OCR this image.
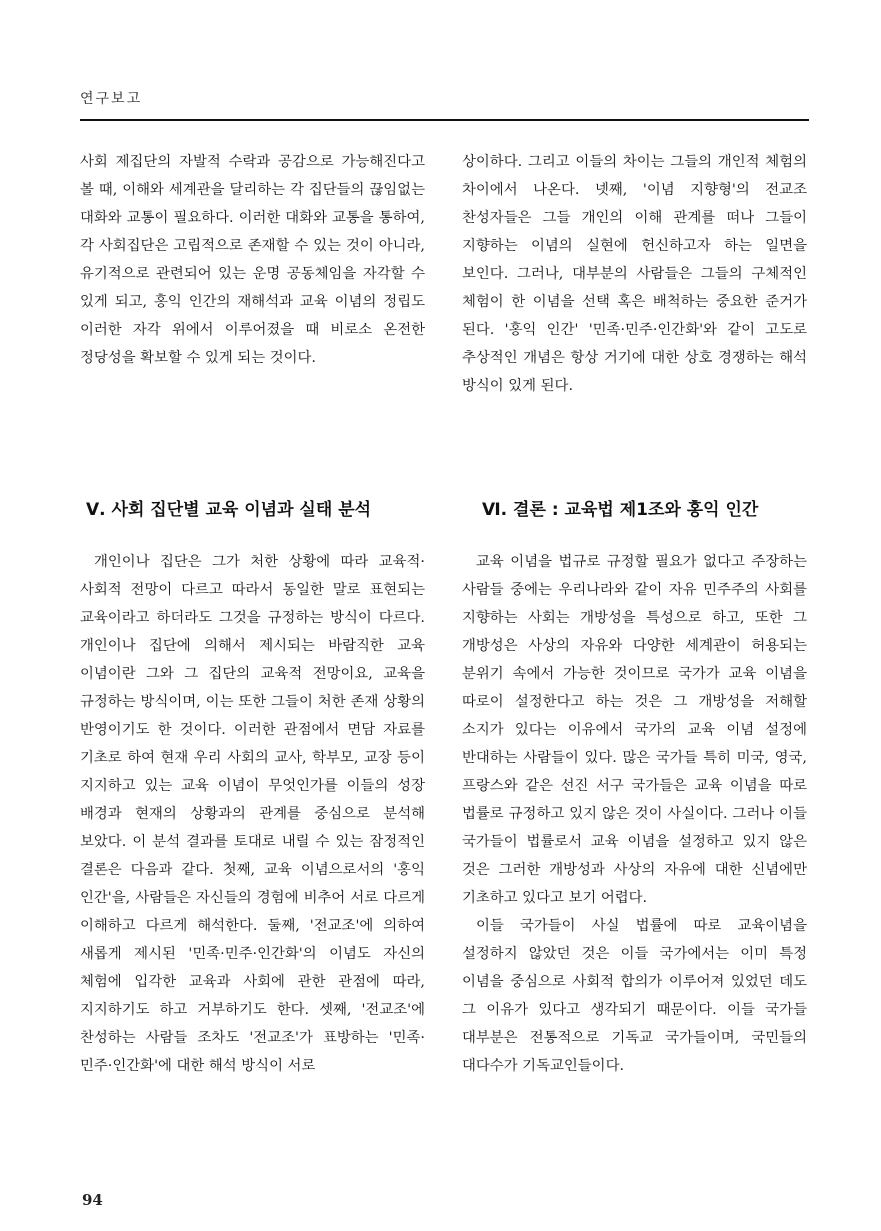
연구보고

사회 제집단의 자발적 수락과 공감으로 가능해진다고 볼 때, 이해와 세계관을 달리하는 각 집단들의 끊임없는 대화와 교통이 필요하다. 이러한 대화와 교통을 통하여, 각 사회집단은 고립적으로 존재할 수 있는 것이 아니라, 유기적으로 관련되어 있는 운명 공동체임을 자각할 수 있게 되고, 홍익 인간의 재해석과 교육 이념의 정립도 이러한 자각 위에서 이루어졌을 때 비로소 온전한 정당성을 확보할 수 있게 되는 것이다.

Ⅴ. 사회 집단별 교육 이념과 실태 분석

개인이나 집단은 그가 처한 상황에 따라 교육적·사회적 전망이 다르고 따라서 동일한 말로 표현되는 교육이라고 하더라도 그것을 규정하는 방식이 다르다. 개인이나 집단에 의해서 제시되는 바람직한 교육 이념이란 그와 그 집단의 교육적 전망이요, 교육을 규정하는 방식이며, 이는 또한 그들이 처한 존재 상황의 반영이기도 한 것이다. 이러한 관점에서 면담 자료를 기초로 하여 현재 우리 사회의 교사, 학부모, 교장 등이 지지하고 있는 교육 이념이 무엇인가를 이들의 성장 배경과 현재의 상황과의 관계를 중심으로 분석해 보았다. 이 분석 결과를 토대로 내릴 수 있는 잠정적인 결론은 다음과 같다. 첫째, 교육 이념으로서의 '홍익 인간'을, 사람들은 자신들의 경험에 비추어 서로 다르게 이해하고 다르게 해석한다. 둘째, '전교조'에 의하여 새롭게 제시된 '민족·민주·인간화'의 이념도 자신의 체험에 입각한 교육과 사회에 관한 관점에 따라, 지지하기도 하고 거부하기도 한다. 셋째, '전교조'에 찬성하는 사람들 조차도 '전교조'가 표방하는 '민족·민주·인간화'에 대한 해석 방식이 서로

상이하다. 그리고 이들의 차이는 그들의 개인적 체험의 차이에서 나온다. 넷째, '이념 지향형'의 전교조 찬성자들은 그들 개인의 이해 관계를 떠나 그들이 지향하는 이념의 실현에 헌신하고자 하는 일면을 보인다. 그러나, 대부분의 사람들은 그들의 구체적인 체험이 한 이념을 선택 혹은 배척하는 중요한 준거가 된다. '홍익 인간' '민족·민주·인간화'와 같이 고도로 추상적인 개념은 항상 거기에 대한 상호 경쟁하는 해석 방식이 있게 된다.

Ⅵ. 결론 : 교육법 제1조와 홍익 인간

교육 이념을 법규로 규정할 필요가 없다고 주장하는 사람들 중에는 우리나라와 같이 자유 민주주의 사회를 지향하는 사회는 개방성을 특성으로 하고, 또한 그 개방성은 사상의 자유와 다양한 세계관이 허용되는 분위기 속에서 가능한 것이므로 국가가 교육 이념을 따로이 설정한다고 하는 것은 그 개방성을 저해할 소지가 있다는 이유에서 국가의 교육 이념 설정에 반대하는 사람들이 있다. 많은 국가들 특히 미국, 영국, 프랑스와 같은 선진 서구 국가들은 교육 이념을 따로 법률로 규정하고 있지 않은 것이 사실이다. 그러나 이들 국가들이 법률로서 교육 이념을 설정하고 있지 않은 것은 그러한 개방성과 사상의 자유에 대한 신념에만 기초하고 있다고 보기 어렵다.

이들 국가들이 사실 법률에 따로 교육이념을 설정하지 않았던 것은 이들 국가에서는 이미 특정 이념을 중심으로 사회적 합의가 이루어져 있었던 데도 그 이유가 있다고 생각되기 때문이다. 이들 국가들 대부분은 전통적으로 기독교 국가들이며, 국민들의 대다수가 기독교인들이다.

94
